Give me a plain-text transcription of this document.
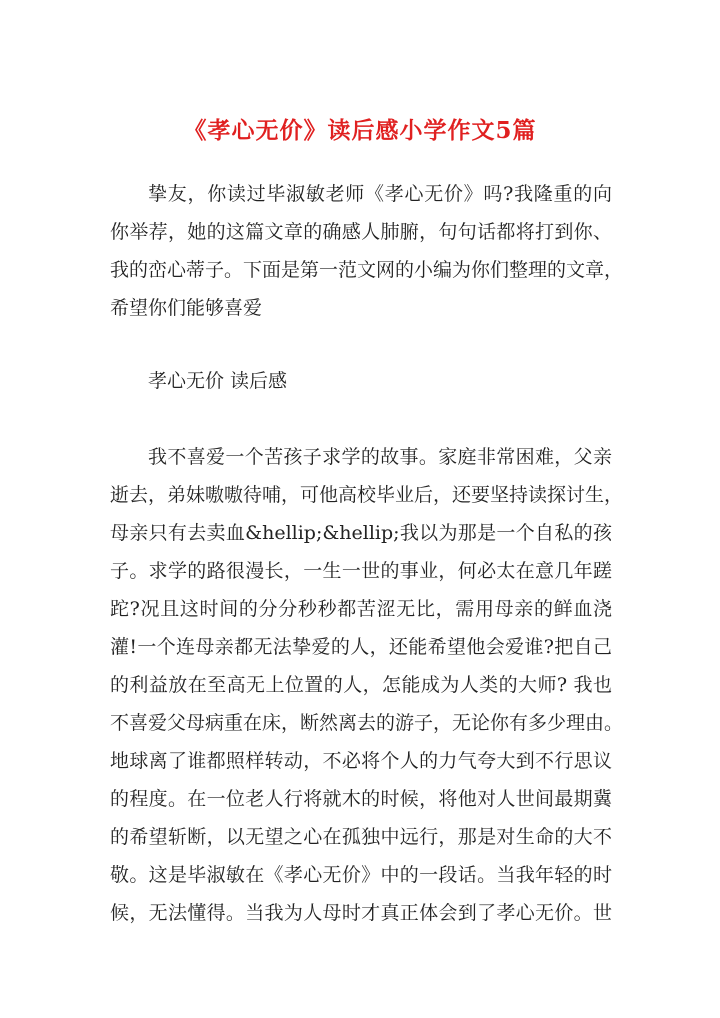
《孝心无价》读后感小学作文5篇
挚友，你读过毕淑敏老师《孝心无价》吗?我隆重的向
你举荐，她的这篇文章的确感人肺腑，句句话都将打到你、
我的峦心蒂子。下面是第一范文网的小编为你们整理的文章，
希望你们能够喜爱
孝心无价 读后感
我不喜爱一个苦孩子求学的故事。家庭非常困难，父亲
逝去，弟妹嗷嗷待哺，可他高校毕业后，还要坚持读探讨生，
母亲只有去卖血&hellip;&hellip;我以为那是一个自私的孩
子。求学的路很漫长，一生一世的事业，何必太在意几年蹉
跎?况且这时间的分分秒秒都苦涩无比，需用母亲的鲜血浇
灌!一个连母亲都无法挚爱的人，还能希望他会爱谁?把自己
的利益放在至高无上位置的人，怎能成为人类的大师? 我也
不喜爱父母病重在床，断然离去的游子，无论你有多少理由。
地球离了谁都照样转动，不必将个人的力气夸大到不行思议
的程度。在一位老人行将就木的时候，将他对人世间最期冀
的希望斩断，以无望之心在孤独中远行，那是对生命的大不
敬。这是毕淑敏在《孝心无价》中的一段话。当我年轻的时
候，无法懂得。当我为人母时才真正体会到了孝心无价。世
